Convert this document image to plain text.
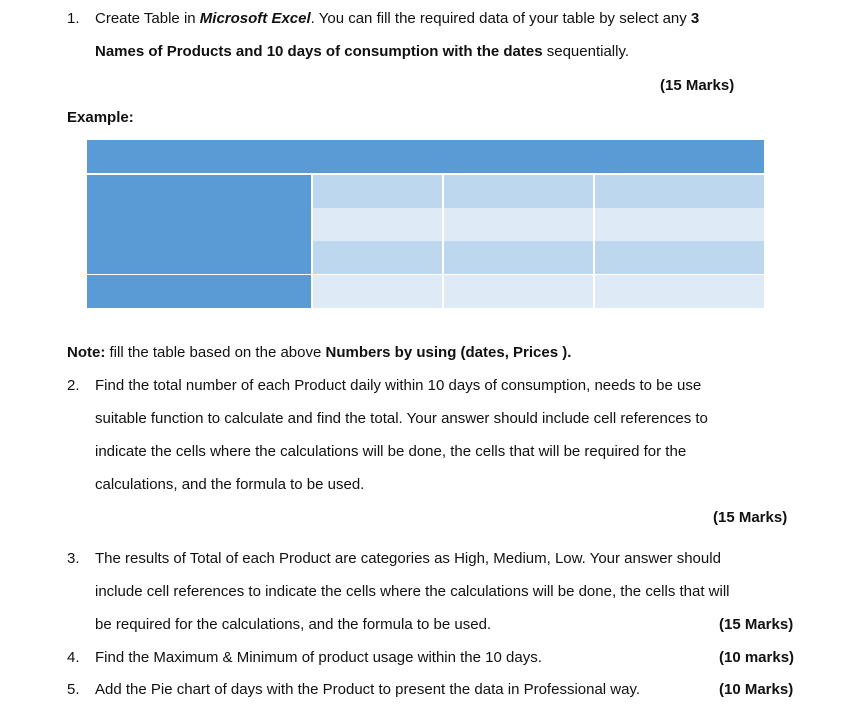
1. Create Table in Microsoft Excel. You can fill the required data of your table by select any 3
Names of Products and 10 days of consumption with the dates sequentially.
(15 Marks)
Example:
Note: fill the table based on the above Numbers by using (dates, Prices ).
2. Find the total number of each Product daily within 10 days of consumption, needs to be use
suitable function to calculate and find the total. Your answer should include cell references to
indicate the cells where the calculations will be done, the cells that will be required for the
calculations, and the formula to be used.
(15 Marks)
3. The results of Total of each Product are categories as High, Medium, Low. Your answer should
include cell references to indicate the cells where the calculations will be done, the cells that will
be required for the calculations, and the formula to be used.	(15 Marks)
4. Find the Maximum & Minimum of product usage within the 10 days.	(10 marks)
5. Add the Pie chart of days with the Product to present the data in Professional way.	(10 Marks)
